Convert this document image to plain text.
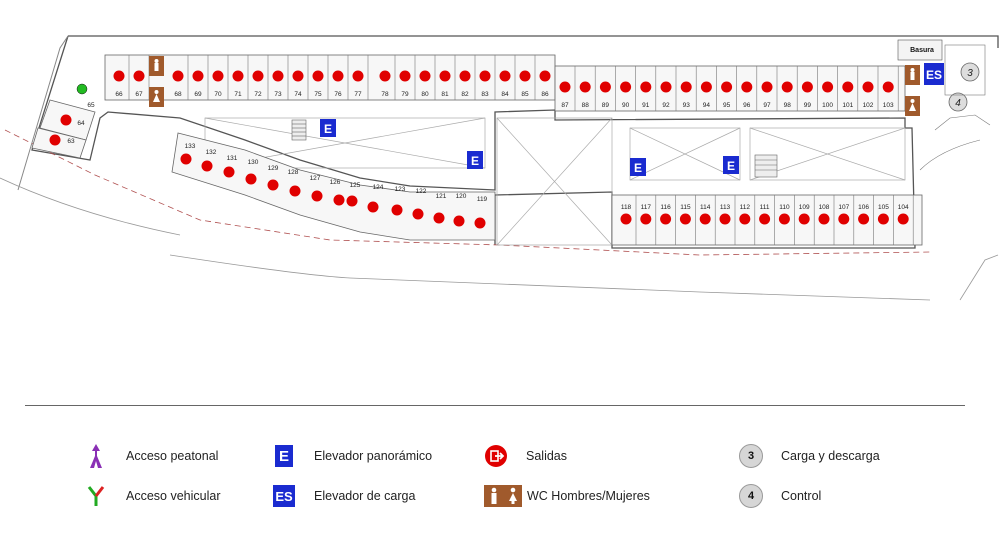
66 67	68 69 70 71 72 73 74 75 76 77	78 79 80 81 82 83 84 85 86
87 88 89 90 91 92 93 94 95 96 97 98 99 100 101 102 103
118 117 116 115 114 113 112 111 110 109 108 107 106 105 104
133
132
131
130
129
128
127
126 125 124 123 122
121 120 119
64
63
65
Basura
ES	3
4
E
E	E	E
Acceso peatonal
Acceso vehicular
E	Elevador panorámico
ES Elevador de carga
Salidas
WC Hombres/Mujeres
3	Carga y descarga
4	Control
